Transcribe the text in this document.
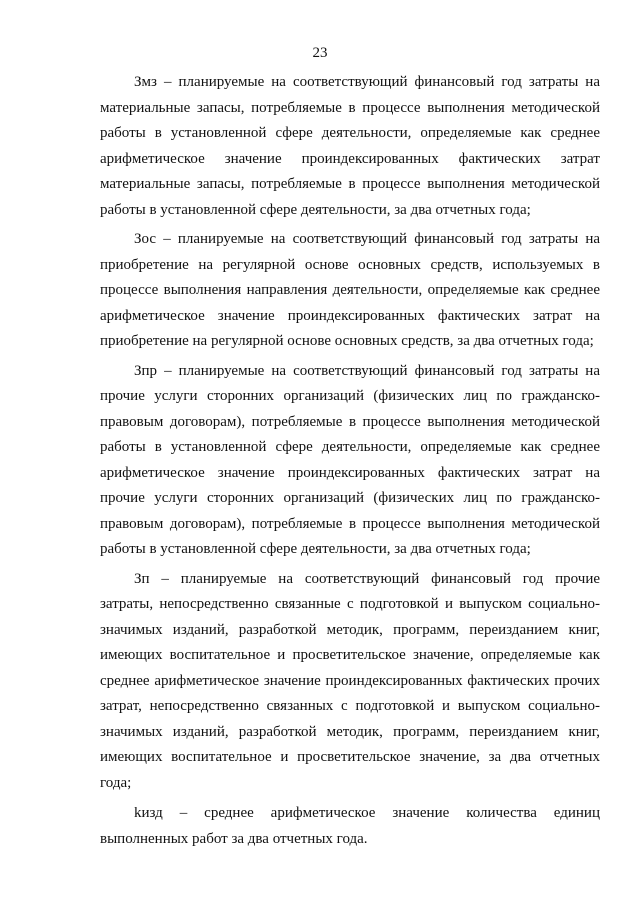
23

Змз – планируемые на соответствующий финансовый год затраты на материальные запасы, потребляемые в процессе выполнения методической работы в установленной сфере деятельности, определяемые как среднее арифметическое значение проиндексированных фактических затрат материальные запасы, потребляемые в процессе выполнения методической работы в установленной сфере деятельности, за два отчетных года;

Зос – планируемые на соответствующий финансовый год затраты на приобретение на регулярной основе основных средств, используемых в процессе выполнения направления деятельности, определяемые как среднее арифметическое значение проиндексированных фактических затрат на приобретение на регулярной основе основных средств, за два отчетных года;

Зпр – планируемые на соответствующий финансовый год затраты на прочие услуги сторонних организаций (физических лиц по гражданско-правовым договорам), потребляемые в процессе выполнения методической работы в установленной сфере деятельности, определяемые как среднее арифметическое значение проиндексированных фактических затрат на прочие услуги сторонних организаций (физических лиц по гражданско-правовым договорам), потребляемые в процессе выполнения методической работы в установленной сфере деятельности, за два отчетных года;

Зп – планируемые на соответствующий финансовый год прочие затраты, непосредственно связанные с подготовкой и выпуском социально-значимых изданий, разработкой методик, программ, переизданием книг, имеющих воспитательное и просветительское значение, определяемые как среднее арифметическое значение проиндексированных фактических прочих затрат, непосредственно связанных с подготовкой и выпуском социально-значимых изданий, разработкой методик, программ, переизданием книг, имеющих воспитательное и просветительское значение, за два отчетных года;

kизд – среднее арифметическое значение количества единиц выполненных работ за два отчетных года.
